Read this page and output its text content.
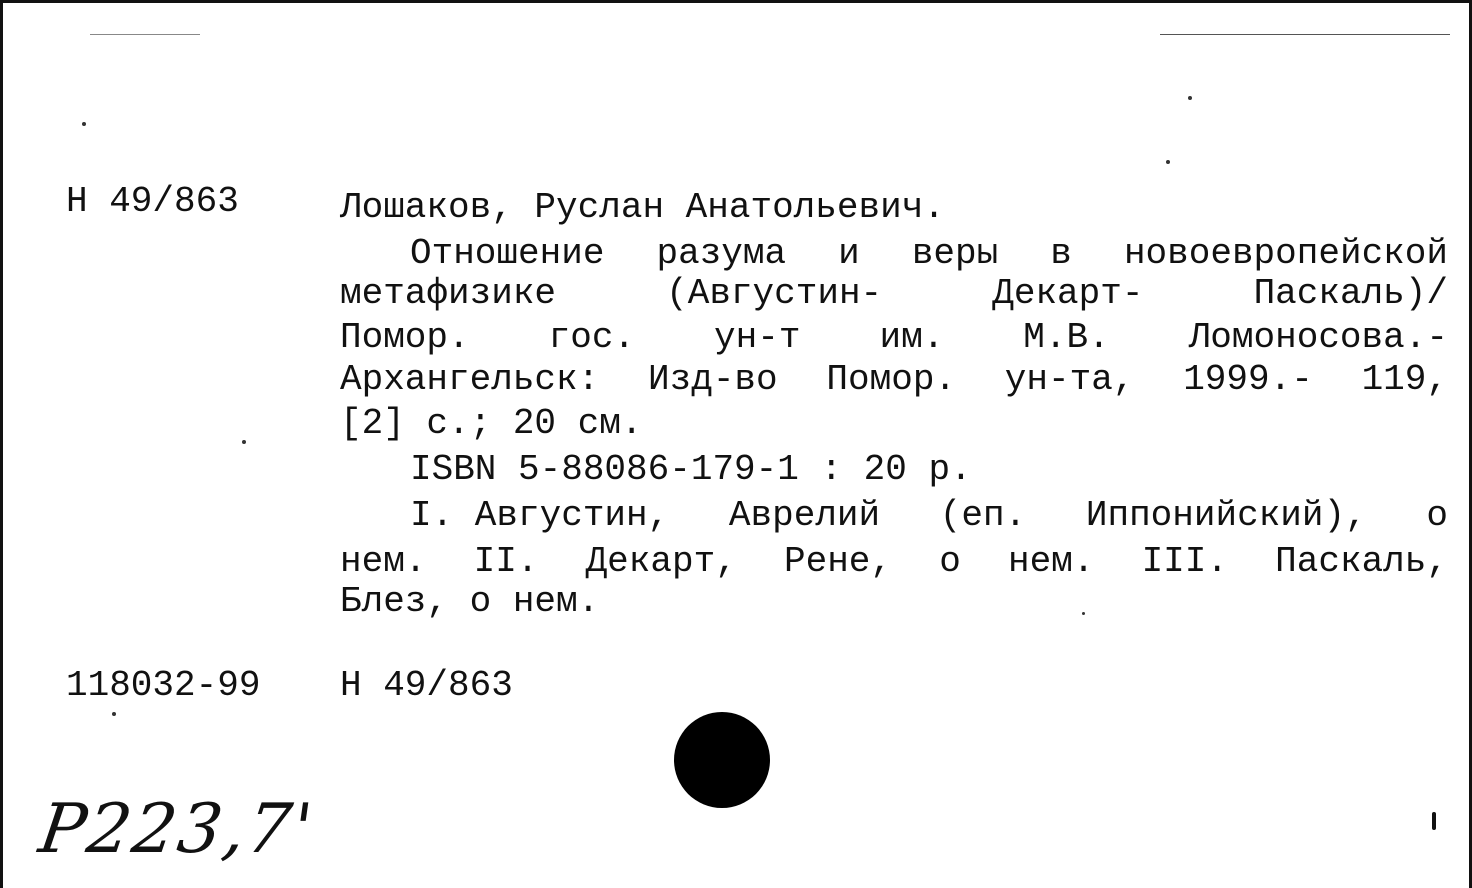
Н 49/863	Лошаков, Руслан Анатольевич.
Отношение разума и веры в новоевропейской
метафизике	(Августин-	Декарт-	Паскаль)/
Помор. гос. ун-т им. М.В. Ломоносова.-
Архангельск: Изд-во Помор. ун-та, 1999.- 119,
[2] с.; 20 см.
ISBN 5-88086-179-1 : 20 р.
I. Августин, Аврелий (еп. Иппонийский), о
нем. II. Декарт, Рене, о нем. III. Паскаль,
Блез, о нем.
118032-99 Н 49/863
P223,7'
